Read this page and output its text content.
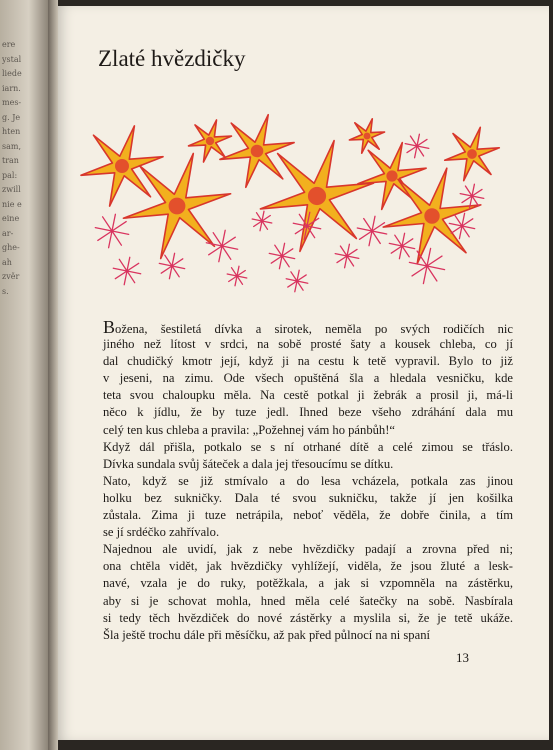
ere
ystal
liede
iarn.
mes-
g. Je
hten
sam,
tran
pal:
zwill
nie e
eine
ar-
ghe-
ah
zvěr
s.
Zlaté hvězdičky
Božena, šestiletá dívka a sirotek, neměla po svých rodičích nic
jiného než lítost v srdci, na sobě prosté šaty a kousek chleba, co jí
dal chudičký kmotr její, když ji na cestu k tetě vypravil. Bylo to již
v jeseni, na zimu. Ode všech opuštěná šla a hledala vesničku, kde
teta svou chaloupku měla. Na cestě potkal ji žebrák a prosil ji, má-li
něco k jídlu, že by tuze jedl. Ihned beze všeho zdráhání dala mu
celý ten kus chleba a pravila: „Požehnej vám ho pánbůh!“
Když dál přišla, potkalo se s ní otrhané dítě a celé zimou se třáslo.
Dívka sundala svůj šáteček a dala jej třesoucímu se dítku.
Nato, když se již stmívalo a do lesa vcházela, potkala zas jinou
holku bez sukničky. Dala té svou sukničku, takže jí jen košilka
zůstala. Zima ji tuze netrápila, neboť věděla, že dobře činila, a tím
se jí srdéčko zahřívalo.
Najednou ale uvidí, jak z nebe hvězdičky padají a zrovna před ni;
ona chtěla vidět, jak hvězdičky vyhlížejí, viděla, že jsou žluté a lesk-
navé, vzala je do ruky, potěžkala, a jak si vzpomněla na zástěrku,
aby si je schovat mohla, hned měla celé šatečky na sobě. Nasbírala
si tedy těch hvězdiček do nové zástěrky a myslila si, že je tetě ukáže.
Šla ještě trochu dále při měsíčku, až pak před půlnocí na ni spaní
13
